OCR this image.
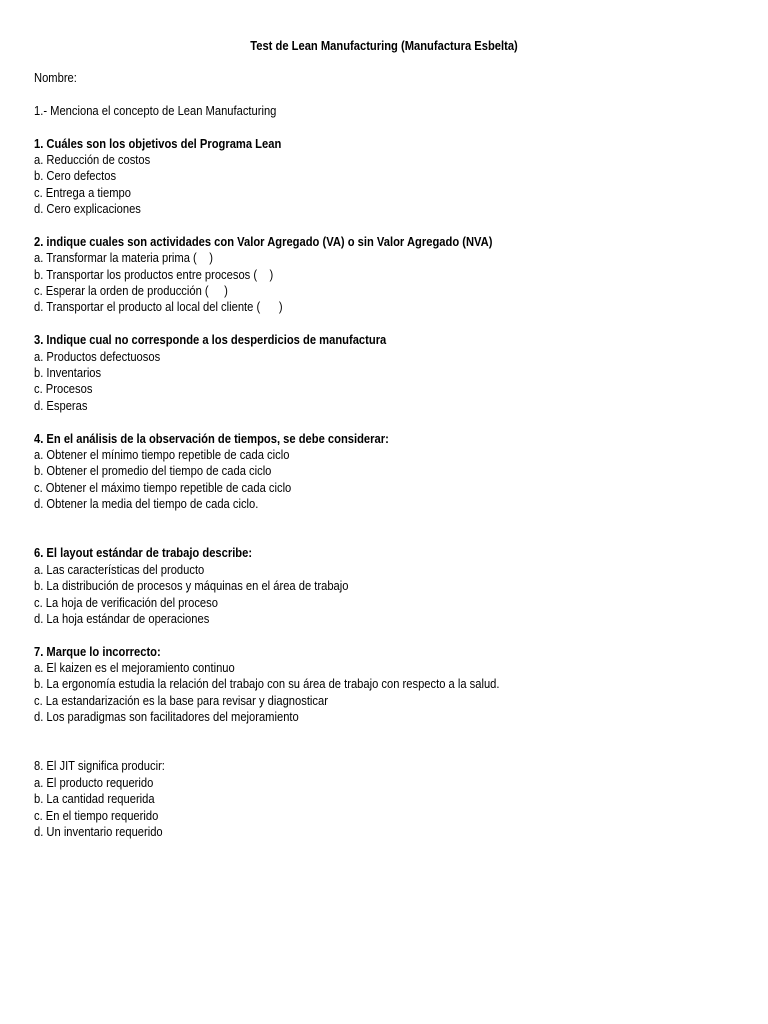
Test de Lean Manufacturing (Manufactura Esbelta)
Nombre:
1.- Menciona el concepto de Lean Manufacturing
1. Cuáles son los objetivos del Programa Lean
a. Reducción de costos
b. Cero defectos
c. Entrega a tiempo
d. Cero explicaciones
2. indique cuales son actividades con Valor Agregado (VA) o sin Valor Agregado (NVA)
a. Transformar la materia prima (    )
b. Transportar los productos entre procesos (    )
c. Esperar la orden de producción (     )
d. Transportar el producto al local del cliente (      )
3. Indique cual no corresponde a los desperdicios de manufactura
a. Productos defectuosos
b. Inventarios
c. Procesos
d. Esperas
4. En el análisis de la observación de tiempos, se debe considerar:
a. Obtener el mínimo tiempo repetible de cada ciclo
b. Obtener el promedio del tiempo de cada ciclo
c. Obtener el máximo tiempo repetible de cada ciclo
d. Obtener la media del tiempo de cada ciclo.
6. El layout estándar de trabajo describe:
a. Las características del producto
b. La distribución de procesos y máquinas en el área de trabajo
c. La hoja de verificación del proceso
d. La hoja estándar de operaciones
7. Marque lo incorrecto:
a. El kaizen es el mejoramiento continuo
b. La ergonomía estudia la relación del trabajo con su área de trabajo con respecto a la salud.
c. La estandarización es la base para revisar y diagnosticar
d. Los paradigmas son facilitadores del mejoramiento
8. El JIT significa producir:
a. El producto requerido
b. La cantidad requerida
c. En el tiempo requerido
d. Un inventario requerido
